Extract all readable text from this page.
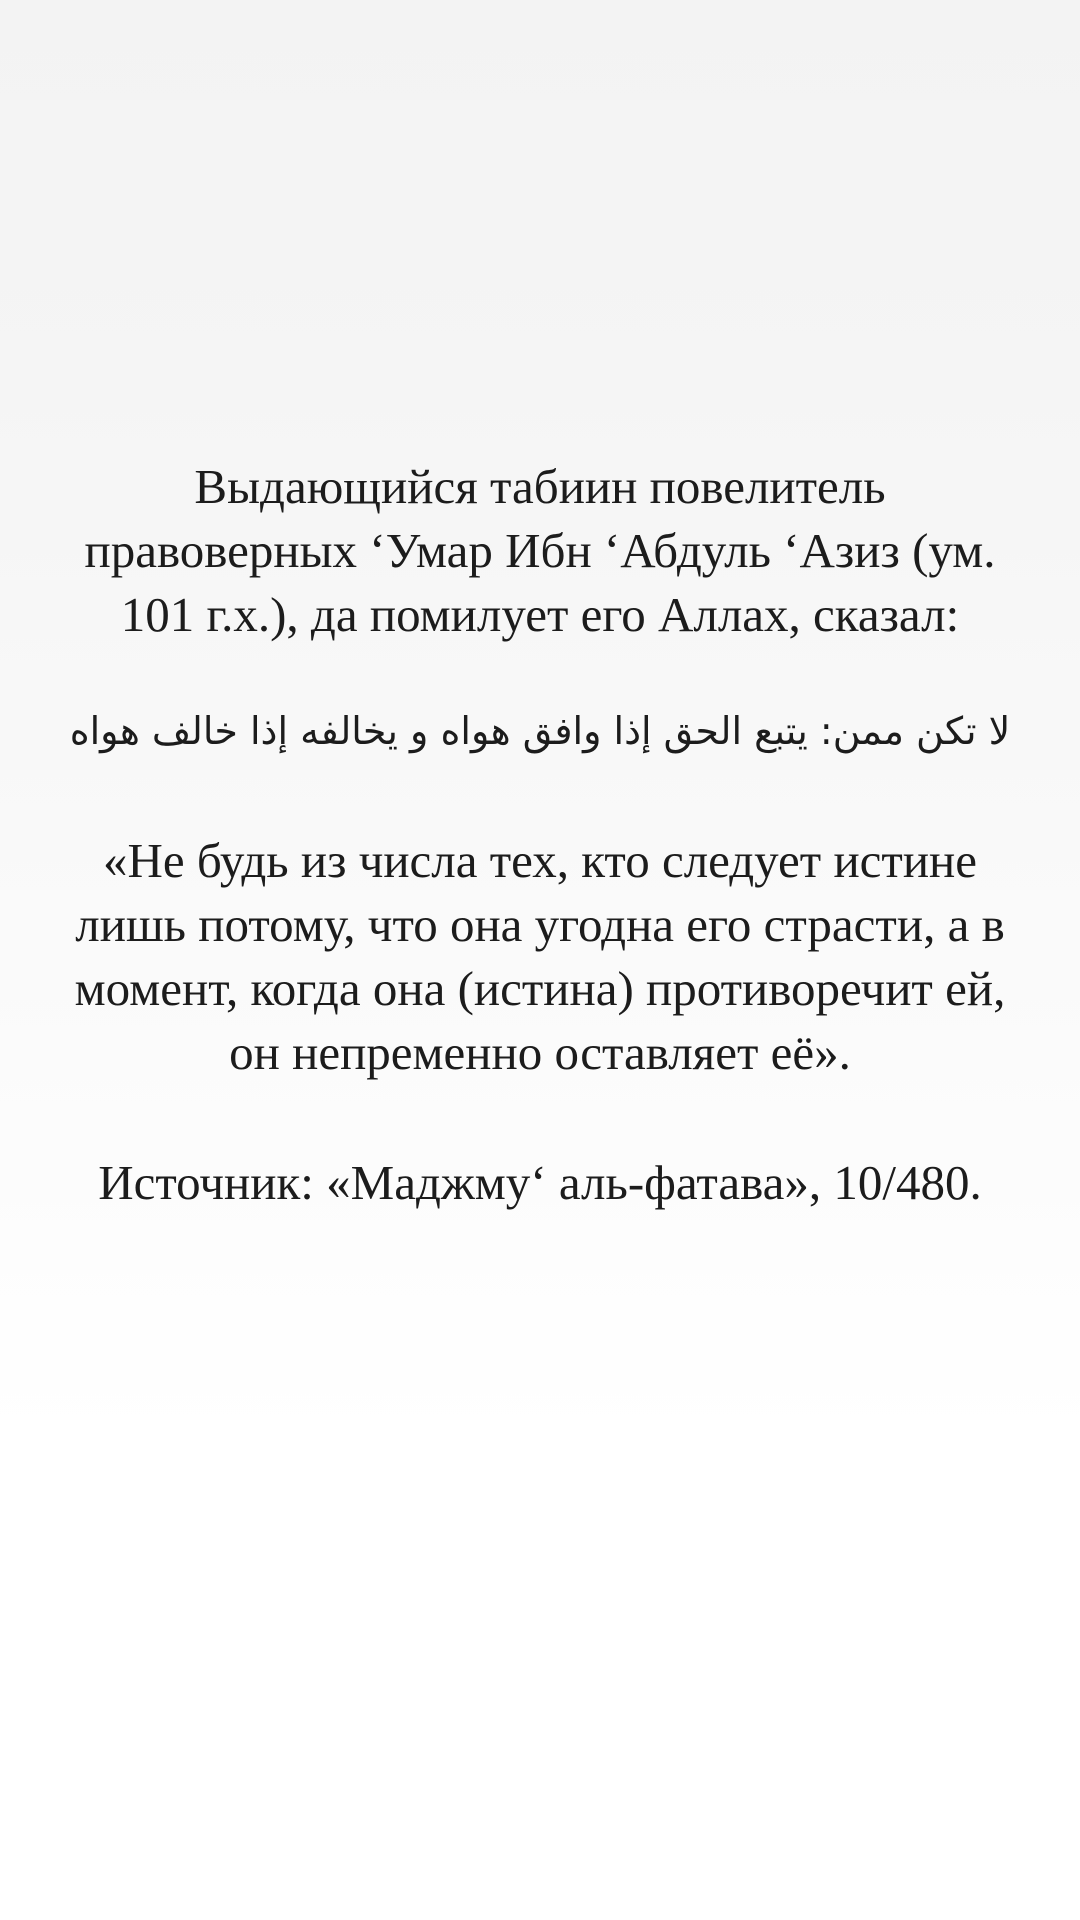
Выдающийся табиин повелитель правоверных ‘Умар Ибн ‘Абдуль ‘Азиз (ум. 101 г.х.), да помилует его Аллах, сказал:

لا تكن ممن: يتبع الحق إذا وافق هواه و يخالفه إذا خالف هواه

«Не будь из числа тех, кто следует истине лишь потому, что она угодна его страсти, а в момент, когда она (истина) противоречит ей, он непременно оставляет её».

Источник: «Маджму‘ аль-фатава», 10/480.
